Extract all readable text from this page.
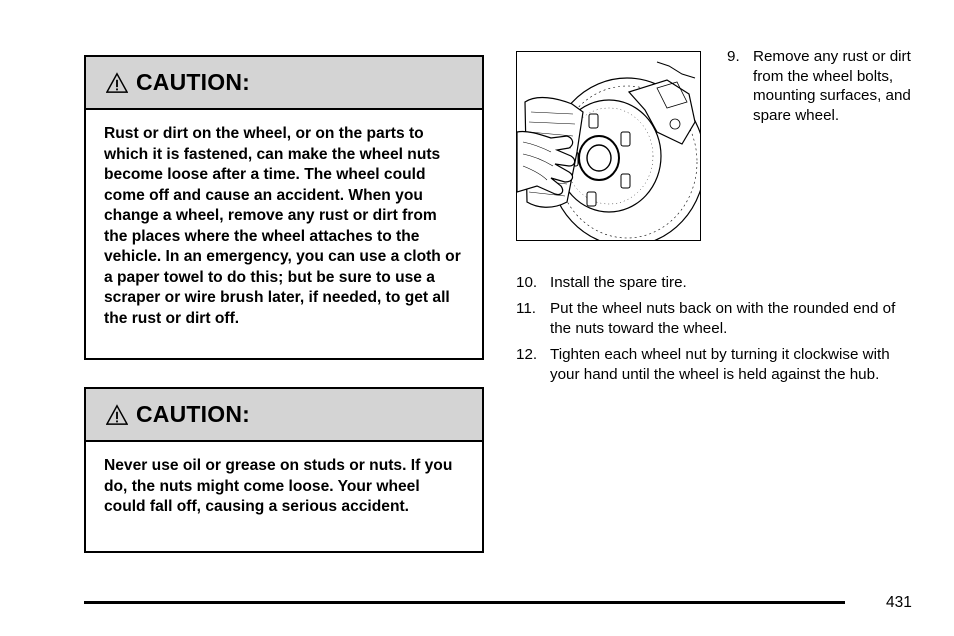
CAUTION:
Rust or dirt on the wheel, or on the parts to which it is fastened, can make the wheel nuts become loose after a time. The wheel could come off and cause an accident. When you change a wheel, remove any rust or dirt from the places where the wheel attaches to the vehicle. In an emergency, you can use a cloth or a paper towel to do this; but be sure to use a scraper or wire brush later, if needed, to get all the rust or dirt off.
CAUTION:
Never use oil or grease on studs or nuts. If you do, the nuts might come loose. Your wheel could fall off, causing a serious accident.
9. Remove any rust or dirt from the wheel bolts, mounting surfaces, and spare wheel.
10. Install the spare tire.
11. Put the wheel nuts back on with the rounded end of the nuts toward the wheel.
12. Tighten each wheel nut by turning it clockwise with your hand until the wheel is held against the hub.
431
